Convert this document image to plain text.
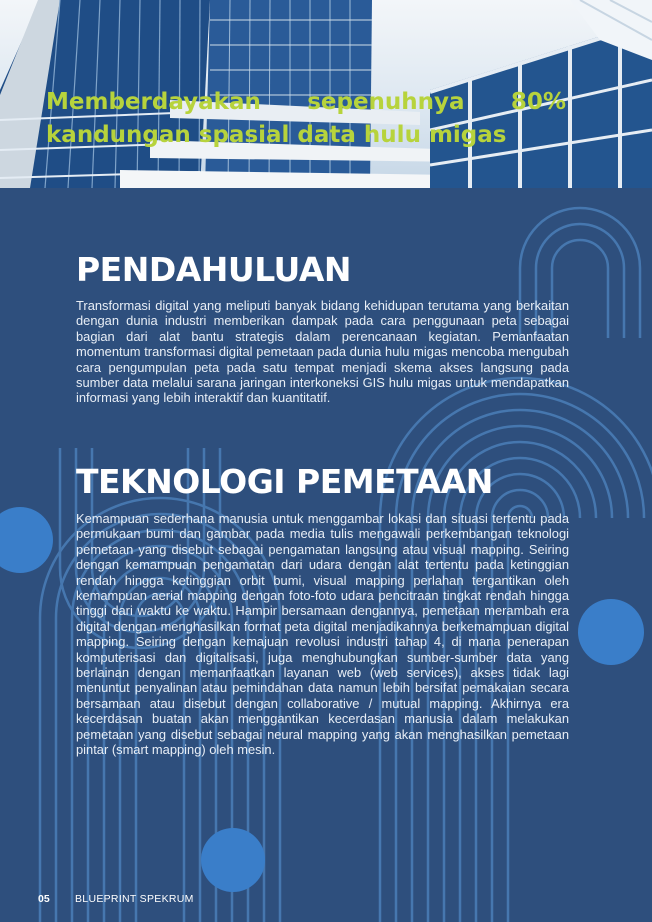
Memberdayakan sepenuhnya 80% kandungan spasial data hulu migas
PENDAHULUAN

Transformasi digital yang meliputi banyak bidang kehidupan terutama yang berkaitan dengan dunia industri memberikan dampak pada cara penggunaan peta sebagai bagian dari alat bantu strategis dalam perencanaan kegiatan. Pemanfaatan momentum transformasi digital pemetaan pada dunia hulu migas mencoba mengubah cara pengumpulan peta pada satu tempat menjadi skema akses langsung pada sumber data melalui sarana jaringan interkoneksi GIS hulu migas untuk mendapatkan informasi yang lebih interaktif dan kuantitatif.

TEKNOLOGI PEMETAAN

Kemampuan sederhana manusia untuk menggambar lokasi dan situasi tertentu pada permukaan bumi dan gambar pada media tulis mengawali perkembangan teknologi pemetaan yang disebut sebagai pengamatan langsung atau visual mapping. Seiring dengan kemampuan pengamatan dari udara dengan alat tertentu pada ketinggian rendah hingga ketinggian orbit bumi, visual mapping perlahan tergantikan oleh kemampuan aerial mapping dengan foto-foto udara pencitraan tingkat rendah hingga tinggi dari waktu ke waktu. Hampir bersamaan dengannya, pemetaan merambah era digital dengan menghasilkan format peta digital menjadikannya berkemampuan digital mapping. Seiring dengan kemajuan revolusi industri tahap 4, di mana penerapan komputerisasi dan digitalisasi, juga menghubungkan sumber-sumber data yang berlainan dengan memanfaatkan layanan web (web services), akses tidak lagi menuntut penyalinan atau pemindahan data namun lebih bersifat pemakaian secara bersamaan atau disebut dengan collaborative / mutual mapping. Akhirnya era kecerdasan buatan akan menggantikan kecerdasan manusia dalam melakukan pemetaan yang disebut sebagai neural mapping yang akan menghasilkan pemetaan pintar (smart mapping) oleh mesin.

05 BLUEPRINT SPEKRUM
